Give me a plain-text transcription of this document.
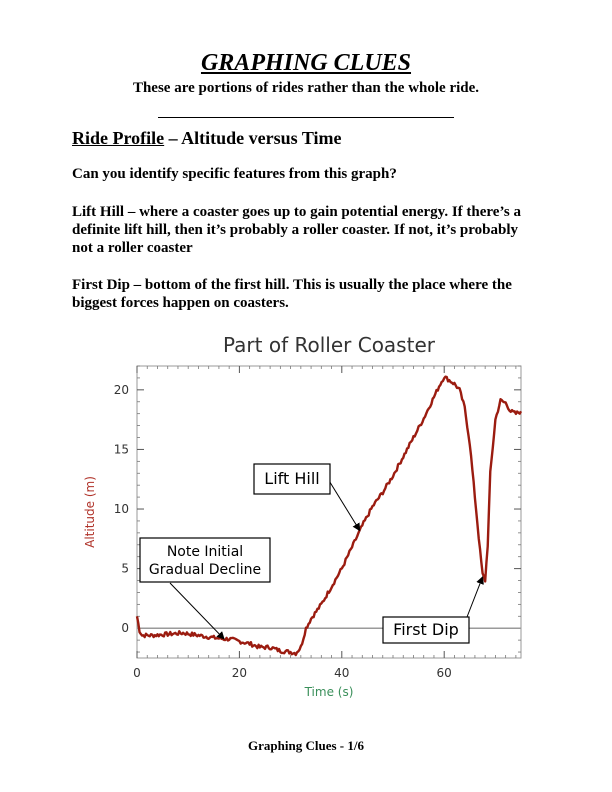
GRAPHING CLUES
These are portions of rides rather than the whole ride.
Ride Profile – Altitude versus Time
Can you identify specific features from this graph?
Lift Hill – where a coaster goes up to gain potential energy. If there’s a definite lift hill, then it’s probably a roller coaster. If not, it’s probably not a roller coaster
First Dip – bottom of the first hill. This is usually the place where the biggest forces happen on coasters.
Part of Roller Coaster
0	20	40	60
0
5
10
15
20
Time (s)
Altitude (m)
Note Initial
Gradual Decline
Lift Hill
First Dip
Graphing Clues - 1/6
